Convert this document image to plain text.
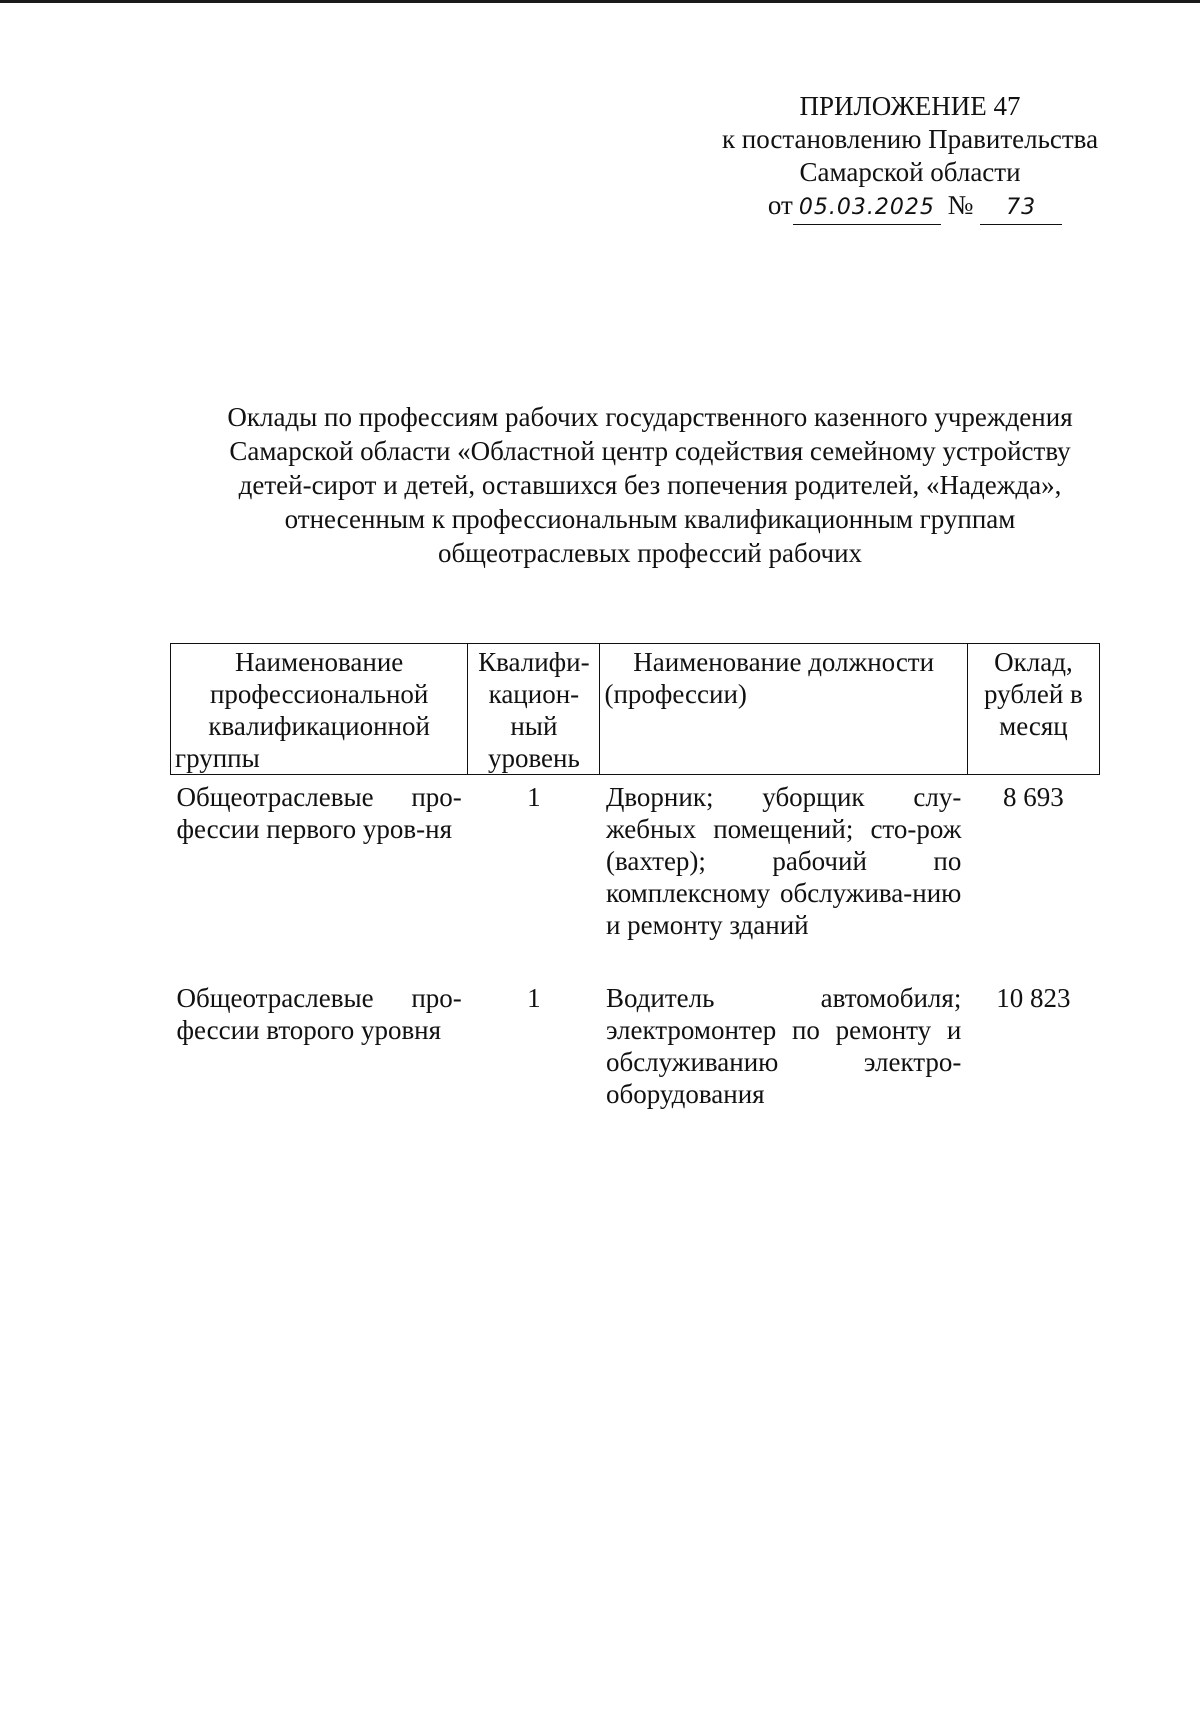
ПРИЛОЖЕНИЕ 47
к постановлению Правительства
Самарской области
от 05.03.2025 № 73
Оклады по профессиям рабочих государственного казенного учреждения
Самарской области «Областной центр содействия семейному устройству
детей-сирот и детей, оставшихся без попечения родителей, «Надежда»,
отнесенным к профессиональным квалификационным группам
общеотраслевых профессий рабочих
Наименование профессиональной квалификационной группы	Квалифи-кацион-ный уровень	Наименование должности (профессии)	Оклад, рублей в месяц
Общеотраслевые про-фессии первого уров-ня	1	Дворник; уборщик слу-жебных помещений; сто-рож (вахтер); рабочий по комплексному обслужива-нию и ремонту зданий	8 693
Общеотраслевые про-фессии второго уровня	1	Водитель автомобиля; электромонтер по ремонту и обслуживанию электро-оборудования	10 823
